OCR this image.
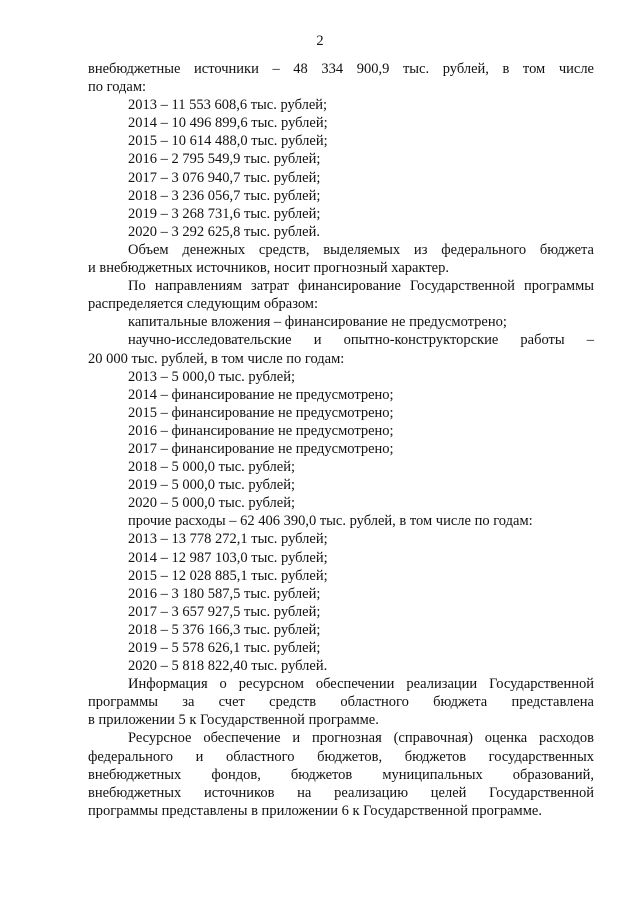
2
внебюджетные источники – 48 334 900,9 тыс. рублей, в том числе
по годам:
2013 – 11 553 608,6 тыс. рублей;
2014 – 10 496 899,6 тыс. рублей;
2015 – 10 614 488,0 тыс. рублей;
2016 – 2 795 549,9 тыс. рублей;
2017 – 3 076 940,7 тыс. рублей;
2018 – 3 236 056,7 тыс. рублей;
2019 – 3 268 731,6 тыс. рублей;
2020 – 3 292 625,8 тыс. рублей.
Объем денежных средств, выделяемых из федерального бюджета
и внебюджетных источников, носит прогнозный характер.
По направлениям затрат финансирование Государственной программы
распределяется следующим образом:
капитальные вложения – финансирование не предусмотрено;
научно-исследовательские и опытно-конструкторские работы –
20 000 тыс. рублей, в том числе по годам:
2013 – 5 000,0 тыс. рублей;
2014 – финансирование не предусмотрено;
2015 – финансирование не предусмотрено;
2016 – финансирование не предусмотрено;
2017 – финансирование не предусмотрено;
2018 – 5 000,0 тыс. рублей;
2019 – 5 000,0 тыс. рублей;
2020 – 5 000,0 тыс. рублей;
прочие расходы – 62 406 390,0 тыс. рублей, в том числе по годам:
2013 – 13 778 272,1 тыс. рублей;
2014 – 12 987 103,0 тыс. рублей;
2015 – 12 028 885,1 тыс. рублей;
2016 – 3 180 587,5 тыс. рублей;
2017 – 3 657 927,5 тыс. рублей;
2018 – 5 376 166,3 тыс. рублей;
2019 – 5 578 626,1 тыс. рублей;
2020 – 5 818 822,40 тыс. рублей.
Информация о ресурсном обеспечении реализации Государственной
программы за счет средств областного бюджета представлена
в приложении 5 к Государственной программе.
Ресурсное обеспечение и прогнозная (справочная) оценка расходов
федерального и областного бюджетов, бюджетов государственных
внебюджетных фондов, бюджетов муниципальных образований,
внебюджетных источников на реализацию целей Государственной
программы представлены в приложении 6 к Государственной программе.
